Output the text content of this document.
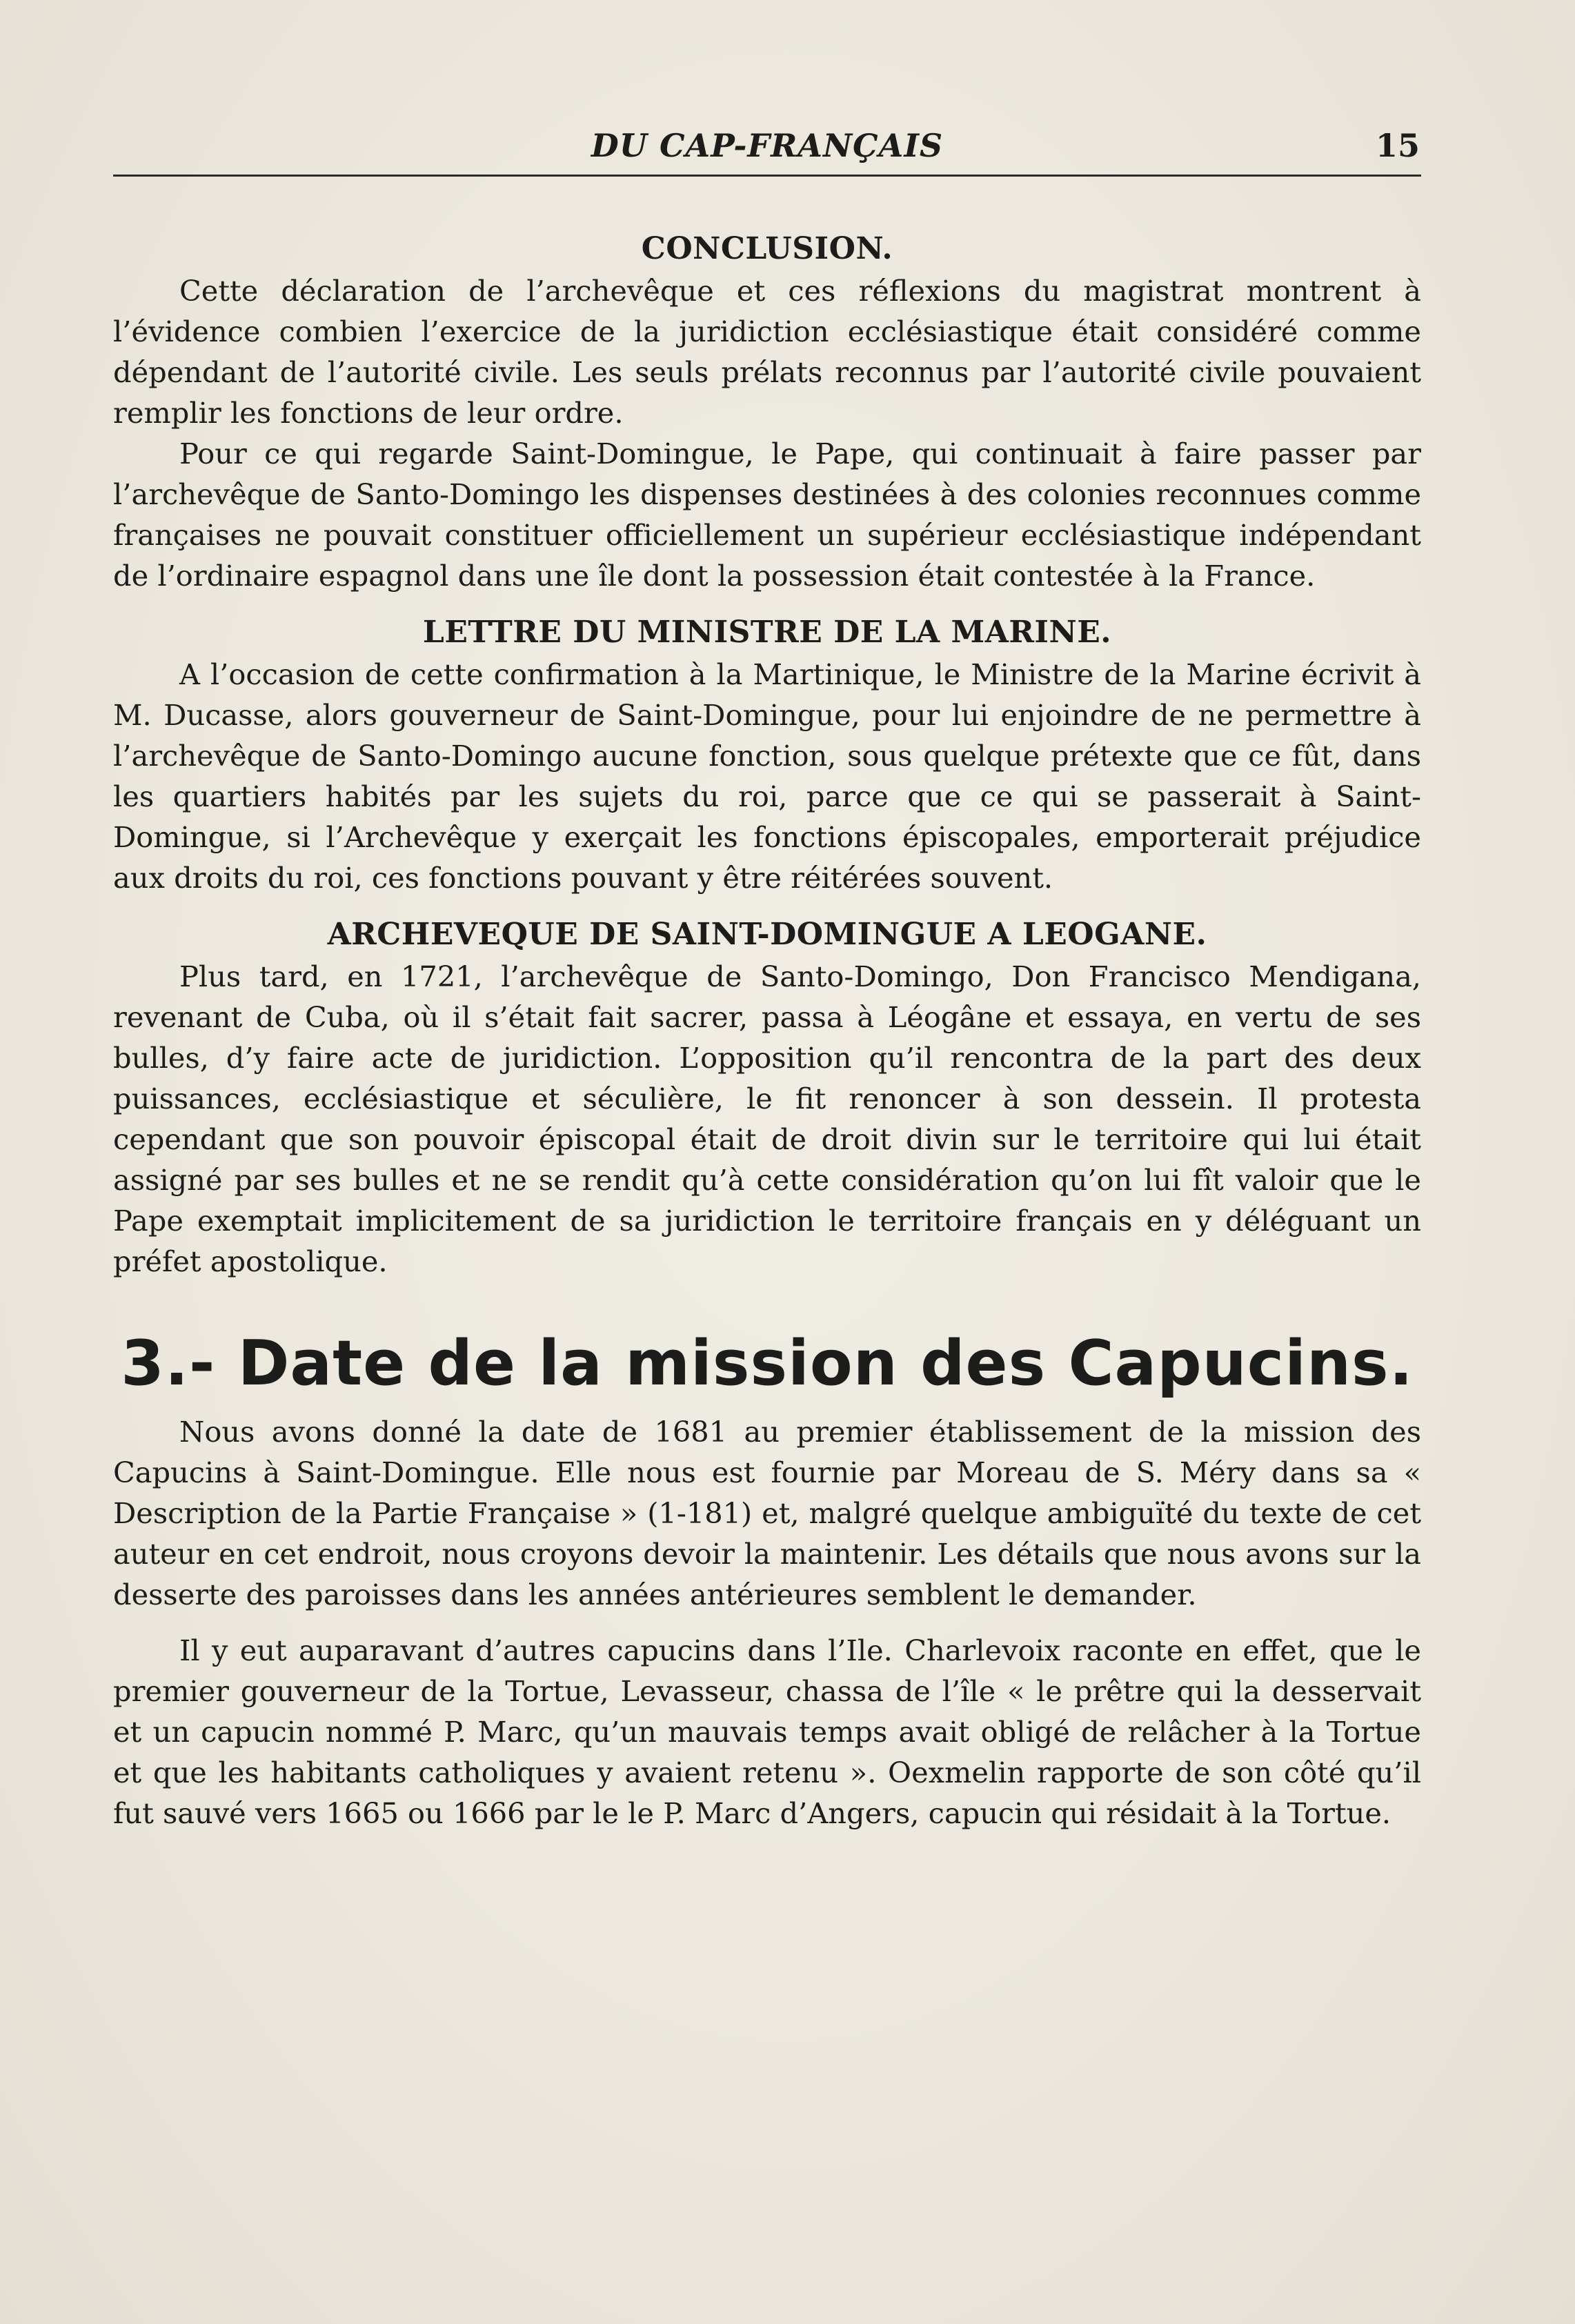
DU CAP-FRANÇAIS	15
CONCLUSION.

Cette déclaration de l’archevêque et ces réflexions du magistrat montrent à l’évidence combien l’exercice de la juridiction ecclésiastique était considéré comme dépendant de l’autorité civile. Les seuls prélats reconnus par l’autorité civile pouvaient remplir les fonctions de leur ordre.

Pour ce qui regarde Saint-Domingue, le Pape, qui continuait à faire passer par l’archevêque de Santo-Domingo les dispenses destinées à des colonies reconnues comme françaises ne pouvait constituer officiellement un supérieur ecclésiastique indépendant de l’ordinaire espagnol dans une île dont la possession était contestée à la France.

LETTRE DU MINISTRE DE LA MARINE.

A l’occasion de cette confirmation à la Martinique, le Ministre de la Marine écrivit à M. Ducasse, alors gouverneur de Saint-Domingue, pour lui enjoindre de ne permettre à l’archevêque de Santo-Domingo aucune fonction, sous quelque prétexte que ce fût, dans les quartiers habités par les sujets du roi, parce que ce qui se passerait à Saint-Domingue, si l’Archevêque y exerçait les fonctions épiscopales, emporterait préjudice aux droits du roi, ces fonctions pouvant y être réitérées souvent.

ARCHEVEQUE DE SAINT-DOMINGUE A LEOGANE.

Plus tard, en 1721, l’archevêque de Santo-Domingo, Don Francisco Mendigana, revenant de Cuba, où il s’était fait sacrer, passa à Léogâne et essaya, en vertu de ses bulles, d’y faire acte de juridiction. L’opposition qu’il rencontra de la part des deux puissances, ecclésiastique et séculière, le fit renoncer à son dessein. Il protesta cependant que son pouvoir épiscopal était de droit divin sur le territoire qui lui était assigné par ses bulles et ne se rendit qu’à cette considération qu’on lui fît valoir que le Pape exemptait implicitement de sa juridiction le territoire français en y déléguant un préfet apostolique.

3.- Date de la mission des Capucins.

Nous avons donné la date de 1681 au premier établissement de la mission des Capucins à Saint-Domingue. Elle nous est fournie par Moreau de S. Méry dans sa « Description de la Partie Française » (1-181) et, malgré quelque ambiguïté du texte de cet auteur en cet endroit, nous croyons devoir la maintenir. Les détails que nous avons sur la desserte des paroisses dans les années antérieures semblent le demander.

Il y eut auparavant d’autres capucins dans l’Ile. Charlevoix raconte en effet, que le premier gouverneur de la Tortue, Levasseur, chassa de l’île « le prêtre qui la desservait et un capucin nommé P. Marc, qu’un mauvais temps avait obligé de relâcher à la Tortue et que les habitants catholiques y avaient retenu ». Oexmelin rapporte de son côté qu’il fut sauvé vers 1665 ou 1666 par le le P. Marc d’Angers, capucin qui résidait à la Tortue.
